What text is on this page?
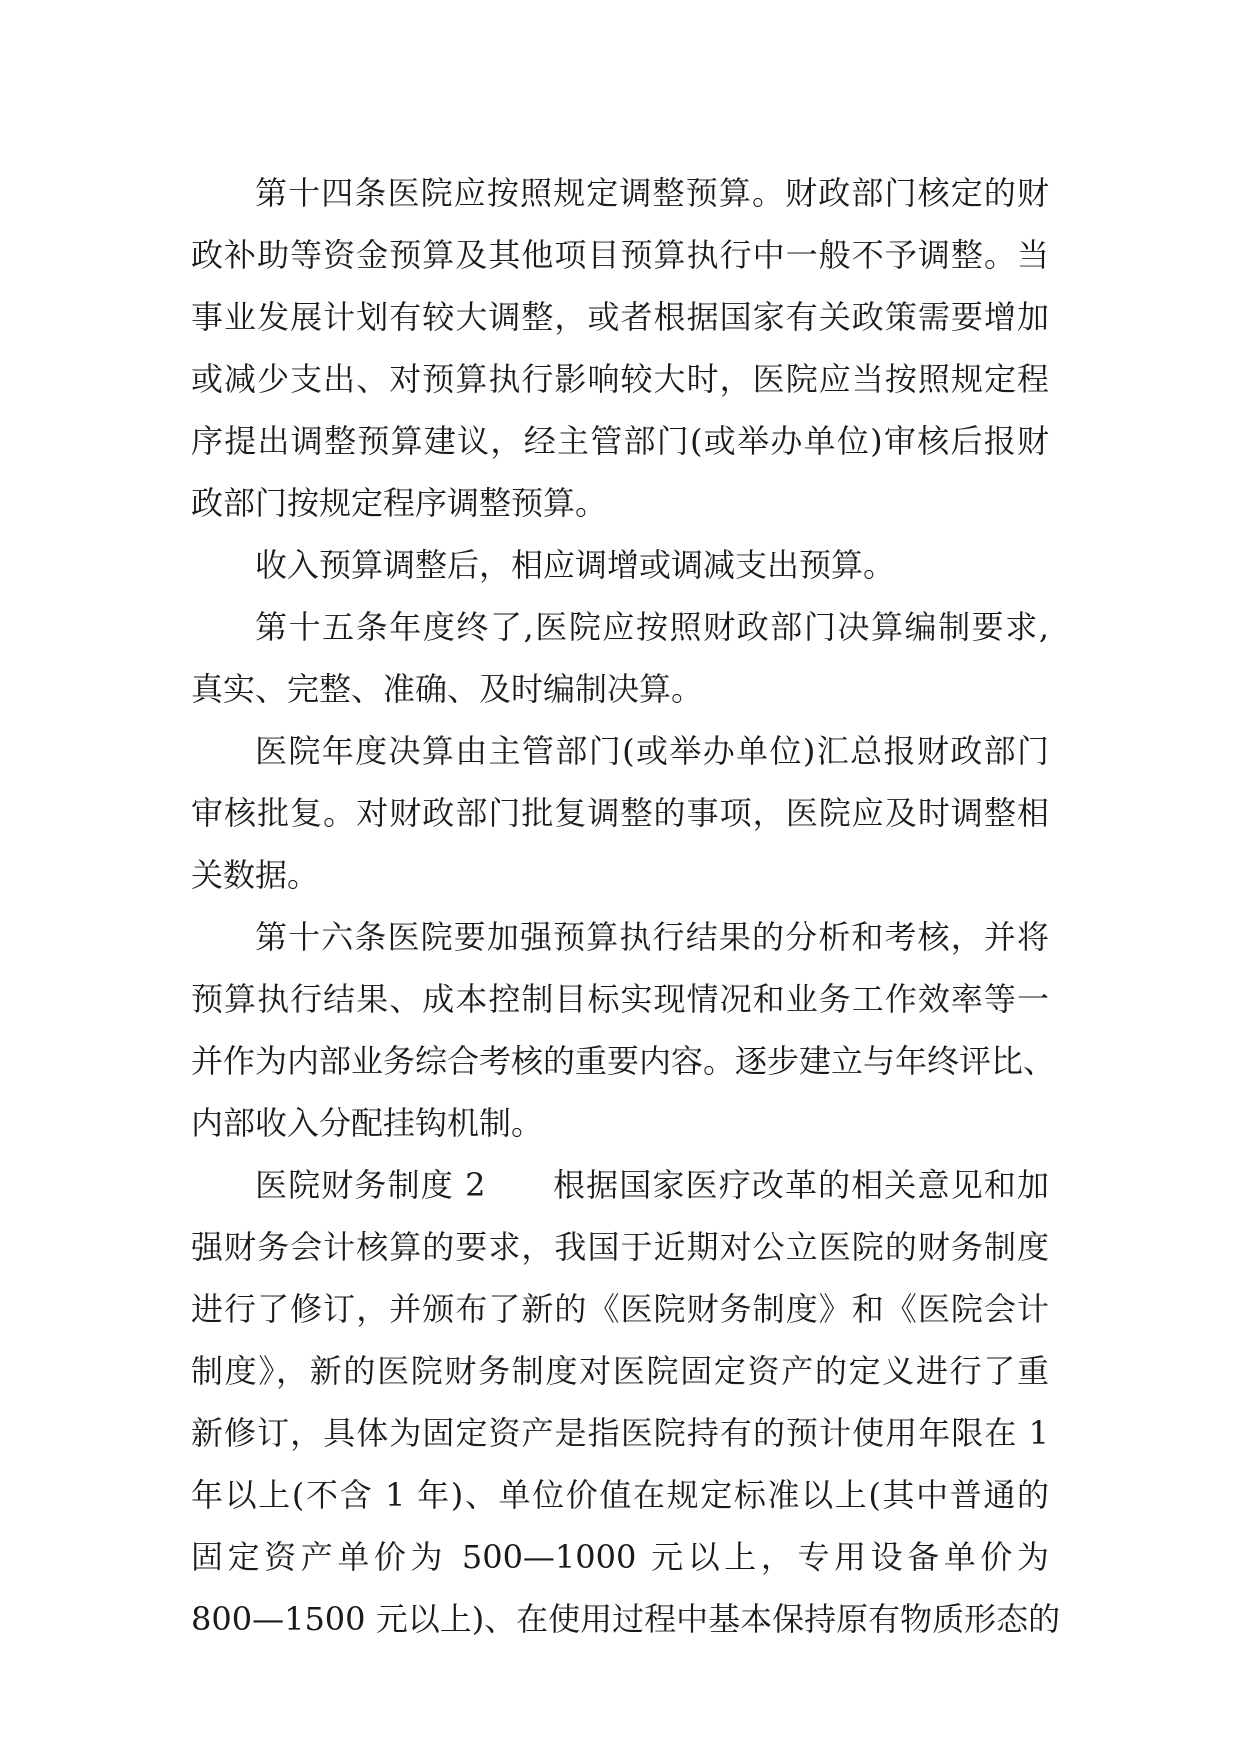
第十四条医院应按照规定调整预算。财政部门核定的财
政补助等资金预算及其他项目预算执行中一般不予调整。当
事业发展计划有较大调整，或者根据国家有关政策需要增加
或减少支出、对预算执行影响较大时，医院应当按照规定程
序提出调整预算建议，经主管部门(或举办单位)审核后报财
政部门按规定程序调整预算。
收入预算调整后，相应调增或调减支出预算。
第十五条年度终了,医院应按照财政部门决算编制要求,
真实、完整、准确、及时编制决算。
医院年度决算由主管部门(或举办单位)汇总报财政部门
审核批复。对财政部门批复调整的事项，医院应及时调整相
关数据。
第十六条医院要加强预算执行结果的分析和考核，并将
预算执行结果、成本控制目标实现情况和业务工作效率等一
并作为内部业务综合考核的重要内容。逐步建立与年终评比、
内部收入分配挂钩机制。
医院财务制度 2　　根据国家医疗改革的相关意见和加
强财务会计核算的要求，我国于近期对公立医院的财务制度
进行了修订，并颁布了新的《医院财务制度》和《医院会计
制度》，新的医院财务制度对医院固定资产的定义进行了重
新修订，具体为固定资产是指医院持有的预计使用年限在 1
年以上(不含 1 年)、单位价值在规定标准以上(其中普通的
固定资产单价为 500—1000 元以上，专用设备单价为
800—1500 元以上)、在使用过程中基本保持原有物质形态的
